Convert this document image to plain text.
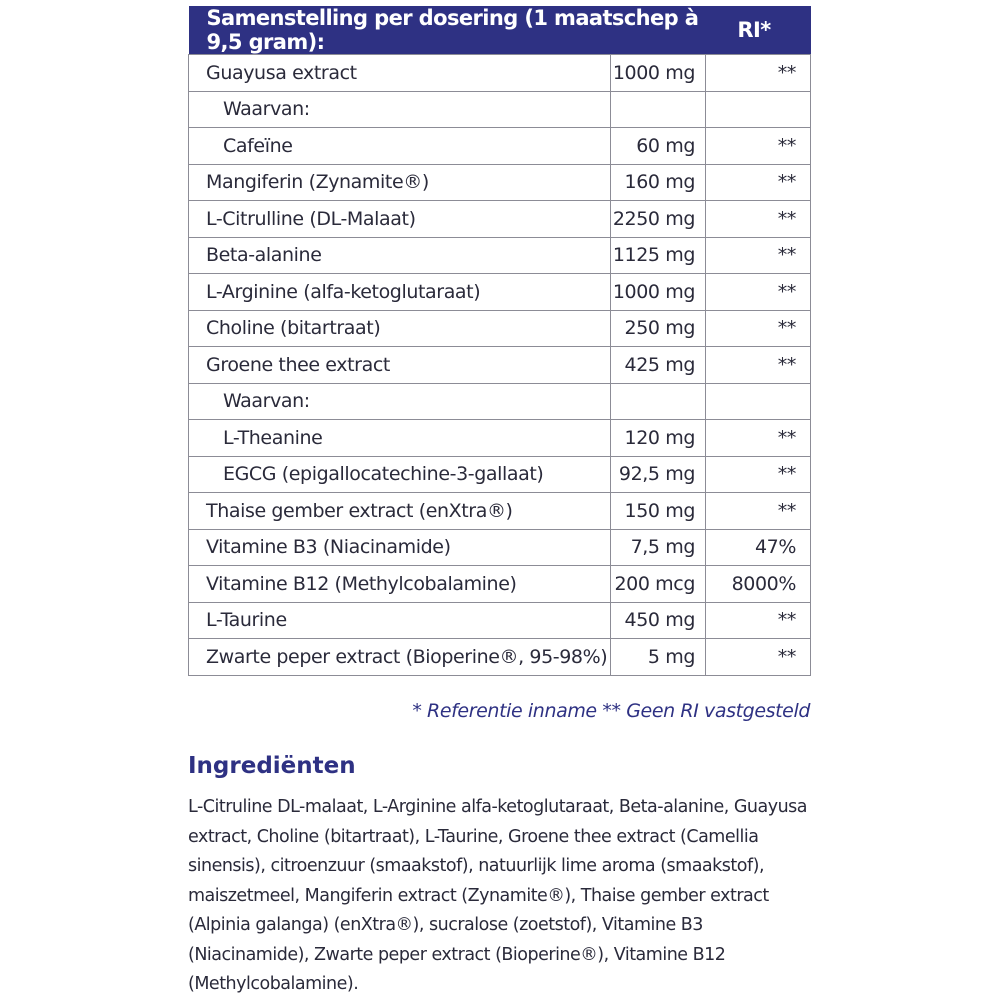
Samenstelling per dosering (1 maatschep à 9,5 gram):		RI*
Guayusa extract	1000 mg	**
Waarvan:		
Cafeïne	60 mg	**
Mangiferin (Zynamite®)	160 mg	**
L-Citrulline (DL-Malaat)	2250 mg	**
Beta-alanine	1125 mg	**
L-Arginine (alfa-ketoglutaraat)	1000 mg	**
Choline (bitartraat)	250 mg	**
Groene thee extract	425 mg	**
Waarvan:		
L-Theanine	120 mg	**
EGCG (epigallocatechine-3-gallaat)	92,5 mg	**
Thaise gember extract (enXtra®)	150 mg	**
Vitamine B3 (Niacinamide)	7,5 mg	47%
Vitamine B12 (Methylcobalamine)	200 mcg	8000%
L-Taurine	450 mg	**
Zwarte peper extract (Bioperine®, 95-98%)	5 mg	**
* Referentie inname ** Geen RI vastgesteld
Ingrediënten

L-Citruline DL-malaat, L-Arginine alfa-ketoglutaraat, Beta-alanine, Guayusa extract, Choline (bitartraat), L-Taurine, Groene thee extract (Camellia sinensis), citroenzuur (smaakstof), natuurlijk lime aroma (smaakstof), maiszetmeel, Mangiferin extract (Zynamite®), Thaise gember extract (Alpinia galanga) (enXtra®), sucralose (zoetstof), Vitamine B3 (Niacinamide), Zwarte peper extract (Bioperine®), Vitamine B12 (Methylcobalamine).
